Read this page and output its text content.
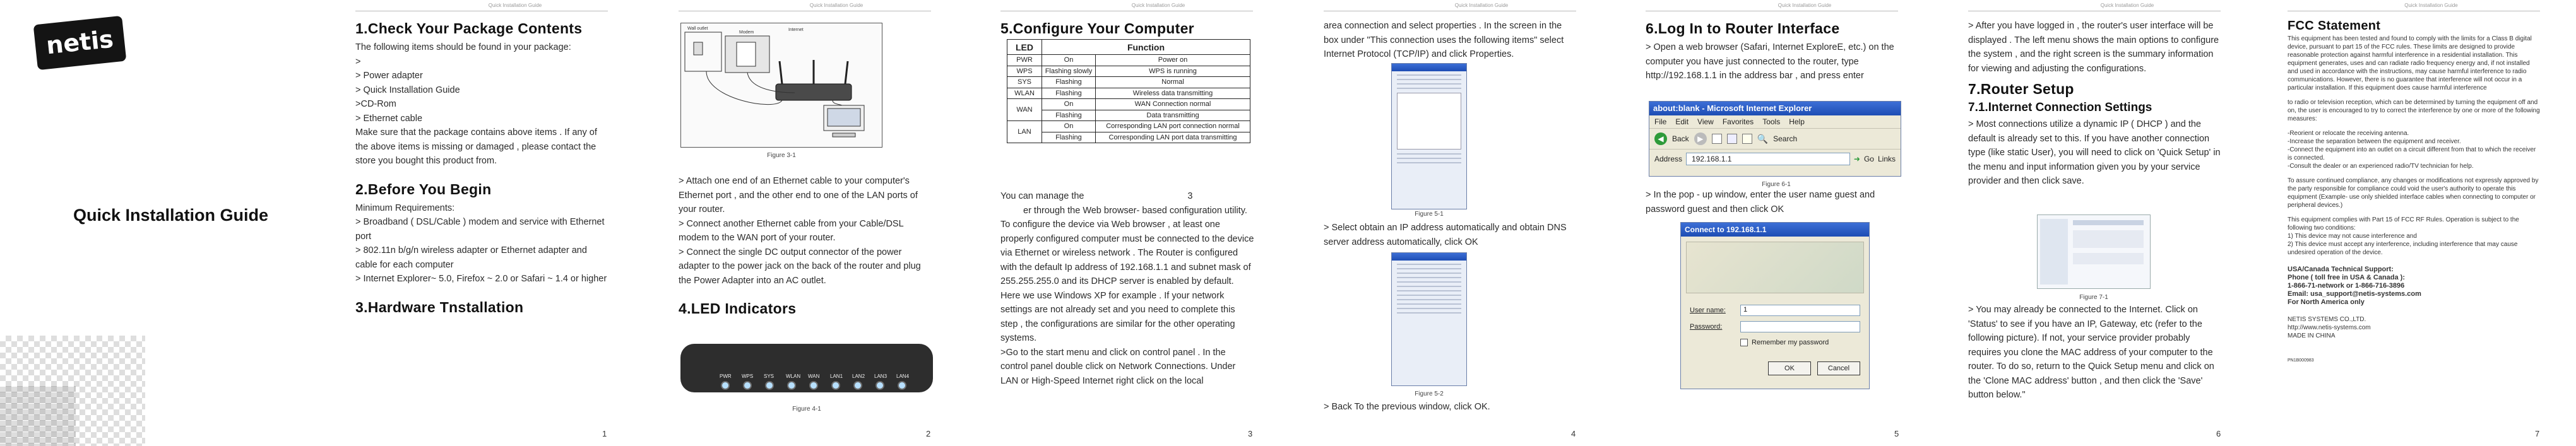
netis
Quick Installation Guide
Quick Installation Guide
1.Check Your Package Contents

The following items should be found in your package:

>

> Power adapter

> Quick Installation Guide

>CD-Rom

> Ethernet cable

Make sure that the package contains above items . If any of the above items is missing or damaged , please contact the store you bought this product from.

2.Before You Begin

Minimum Requirements:

> Broadband ( DSL/Cable ) modem and service with Ethernet port

> 802.11n b/g/n wireless adapter or Ethernet adapter and cable for each computer

> Internet Explorer~ 5.0, Firefox ~ 2.0 or Safari ~ 1.4 or higher

3.Hardware Tnstallation
1
Quick Installation Guide
Wall outlet
Modem
Internet
Figure 3-1

> Attach one end of an Ethernet cable to your computer's Ethernet port , and the other end to one of the LAN ports of your router.

> Connect another Ethernet cable from your Cable/DSL modem to the WAN port of your router.

> Connect the single DC output connector of the power adapter to the power jack on the back of the router and plug the Power Adapter into an AC outlet.

4.LED Indicators
PWR	WPS	SYS	WLAN	WAN	LAN1	LAN2	LAN3	LAN4
Figure 4-1
2
Quick Installation Guide
5.Configure Your Computer
LED	Function	
PWR	On	Power on
WPS	Flashing slowly	WPS is running
SYS	Flashing	Normal
WLAN	Flashing	Wireless data transmitting
WAN	On	WAN Connection normal
	Flashing	Data transmitting
LAN	On	Corresponding LAN port connection normal
	Flashing	Corresponding LAN port data transmitting

You can manage the	3

er through the Web browser- based configuration utility. To configure the device via Web browser , at least one properly configured computer must be connected to the device via Ethernet or wireless network . The Router is configured with the default Ip address of 192.168.1.1 and subnet mask of 255.255.255.0 and its DHCP server is enabled by default.

Here we use Windows XP for example . If your network settings are not already set and you need to complete this step , the configurations are similar for the other operating systems.

>Go to the start menu and click on control panel . In the control panel double click on Network Connections. Under LAN or High-Speed Internet right click on the local

3
Quick Installation Guide

area connection and select properties . In the screen in the box under "This connection uses the following items" select Internet Protocol (TCP/IP) and click Properties.

Figure 5-1

> Select obtain an IP address automatically and obtain DNS server address automatically, click OK

Figure 5-2

> Back To the previous window, click OK.

4
Quick Installation Guide
6.Log In to Router Interface

> Open a web browser (Safari, Internet ExploreE, etc.) on the computer you have just connected to the router, type http://192.168.1.1 in the address bar , and press enter

about:blank - Microsoft Internet Explorer
File Edit View Favorites Tools Help
◀	Back	▶	🔍 Search
Address	192.168.1.1	➜ Go Links
Figure 6-1

> In the pop - up window, enter the user name guest and password guest and then click OK

Connect to 192.168.1.1
User name:	1
Password:
Remember my password
OK	Cancel
5
Quick Installation Guide

> After you have logged in , the router's user interface will be displayed . The left menu shows the main options to configure the system , and the right screen is the summary information for viewing and adjusting the configurations.

7.Router Setup
7.1.Internet Connection Settings

> Most connections utilize a dynamic IP ( DHCP ) and the default is already set to this. If you have another connection type (like static User), you will need to click on 'Quick Setup' in the menu and input information given you by your service provider and then click save.

Figure 7-1

> You may already be connected to the Internet. Click on 'Status' to see if you have an IP, Gateway, etc (refer to the following picture). If not, your service provider probably requires you clone the MAC address of your computer to the router. To do so, return to the Quick Setup menu and click on the 'Clone MAC address' button , and then click the 'Save' button below."

6
Quick Installation Guide
FCC Statement

This equipment has been tested and found to comply with the limits for a Class B digital device, pursuant to part 15 of the FCC rules. These limits are designed to provide reasonable protection against harmful interference in a residential installation. This equipment generates, uses and can radiate radio frequency energy and, if not installed and used in accordance with the instructions, may cause harmful interference to radio communications. However, there is no guarantee that interference will not occur in a particular installation. If this equipment does cause harmful interference

to radio or television reception, which can be determined by turning the equipment off and on, the user is encouraged to try to correct the interference by one or more of the following measures:

-Reorient or relocate the receiving antenna.

-Increase the separation between the equipment and receiver.

-Connect the equipment into an outlet on a circuit different from that to which the receiver is connected.

-Consult the dealer or an experienced radio/TV technician for help.

To assure continued compliance, any changes or modifications not expressly approved by the party responsible for compliance could void the user's authority to operate this equipment (Example- use only shielded interface cables when connecting to computer or peripheral devices.)

This equipment complies with Part 15 of FCC RF Rules. Operation is subject to the following two conditions:

1) This device may not cause interference and

2) This device must accept any interference, including interference that may cause undesired operation of the device.

USA/Canada Technical Support:

Phone ( toll free in USA & Canada ):

1-866-71-network or 1-866-716-3896

Email: usa_support@netis-systems.com

For North America only

NETIS SYSTEMS CO.,LTD.

http://www.netis-systems.com

MADE IN CHINA

PN1B000983

7
